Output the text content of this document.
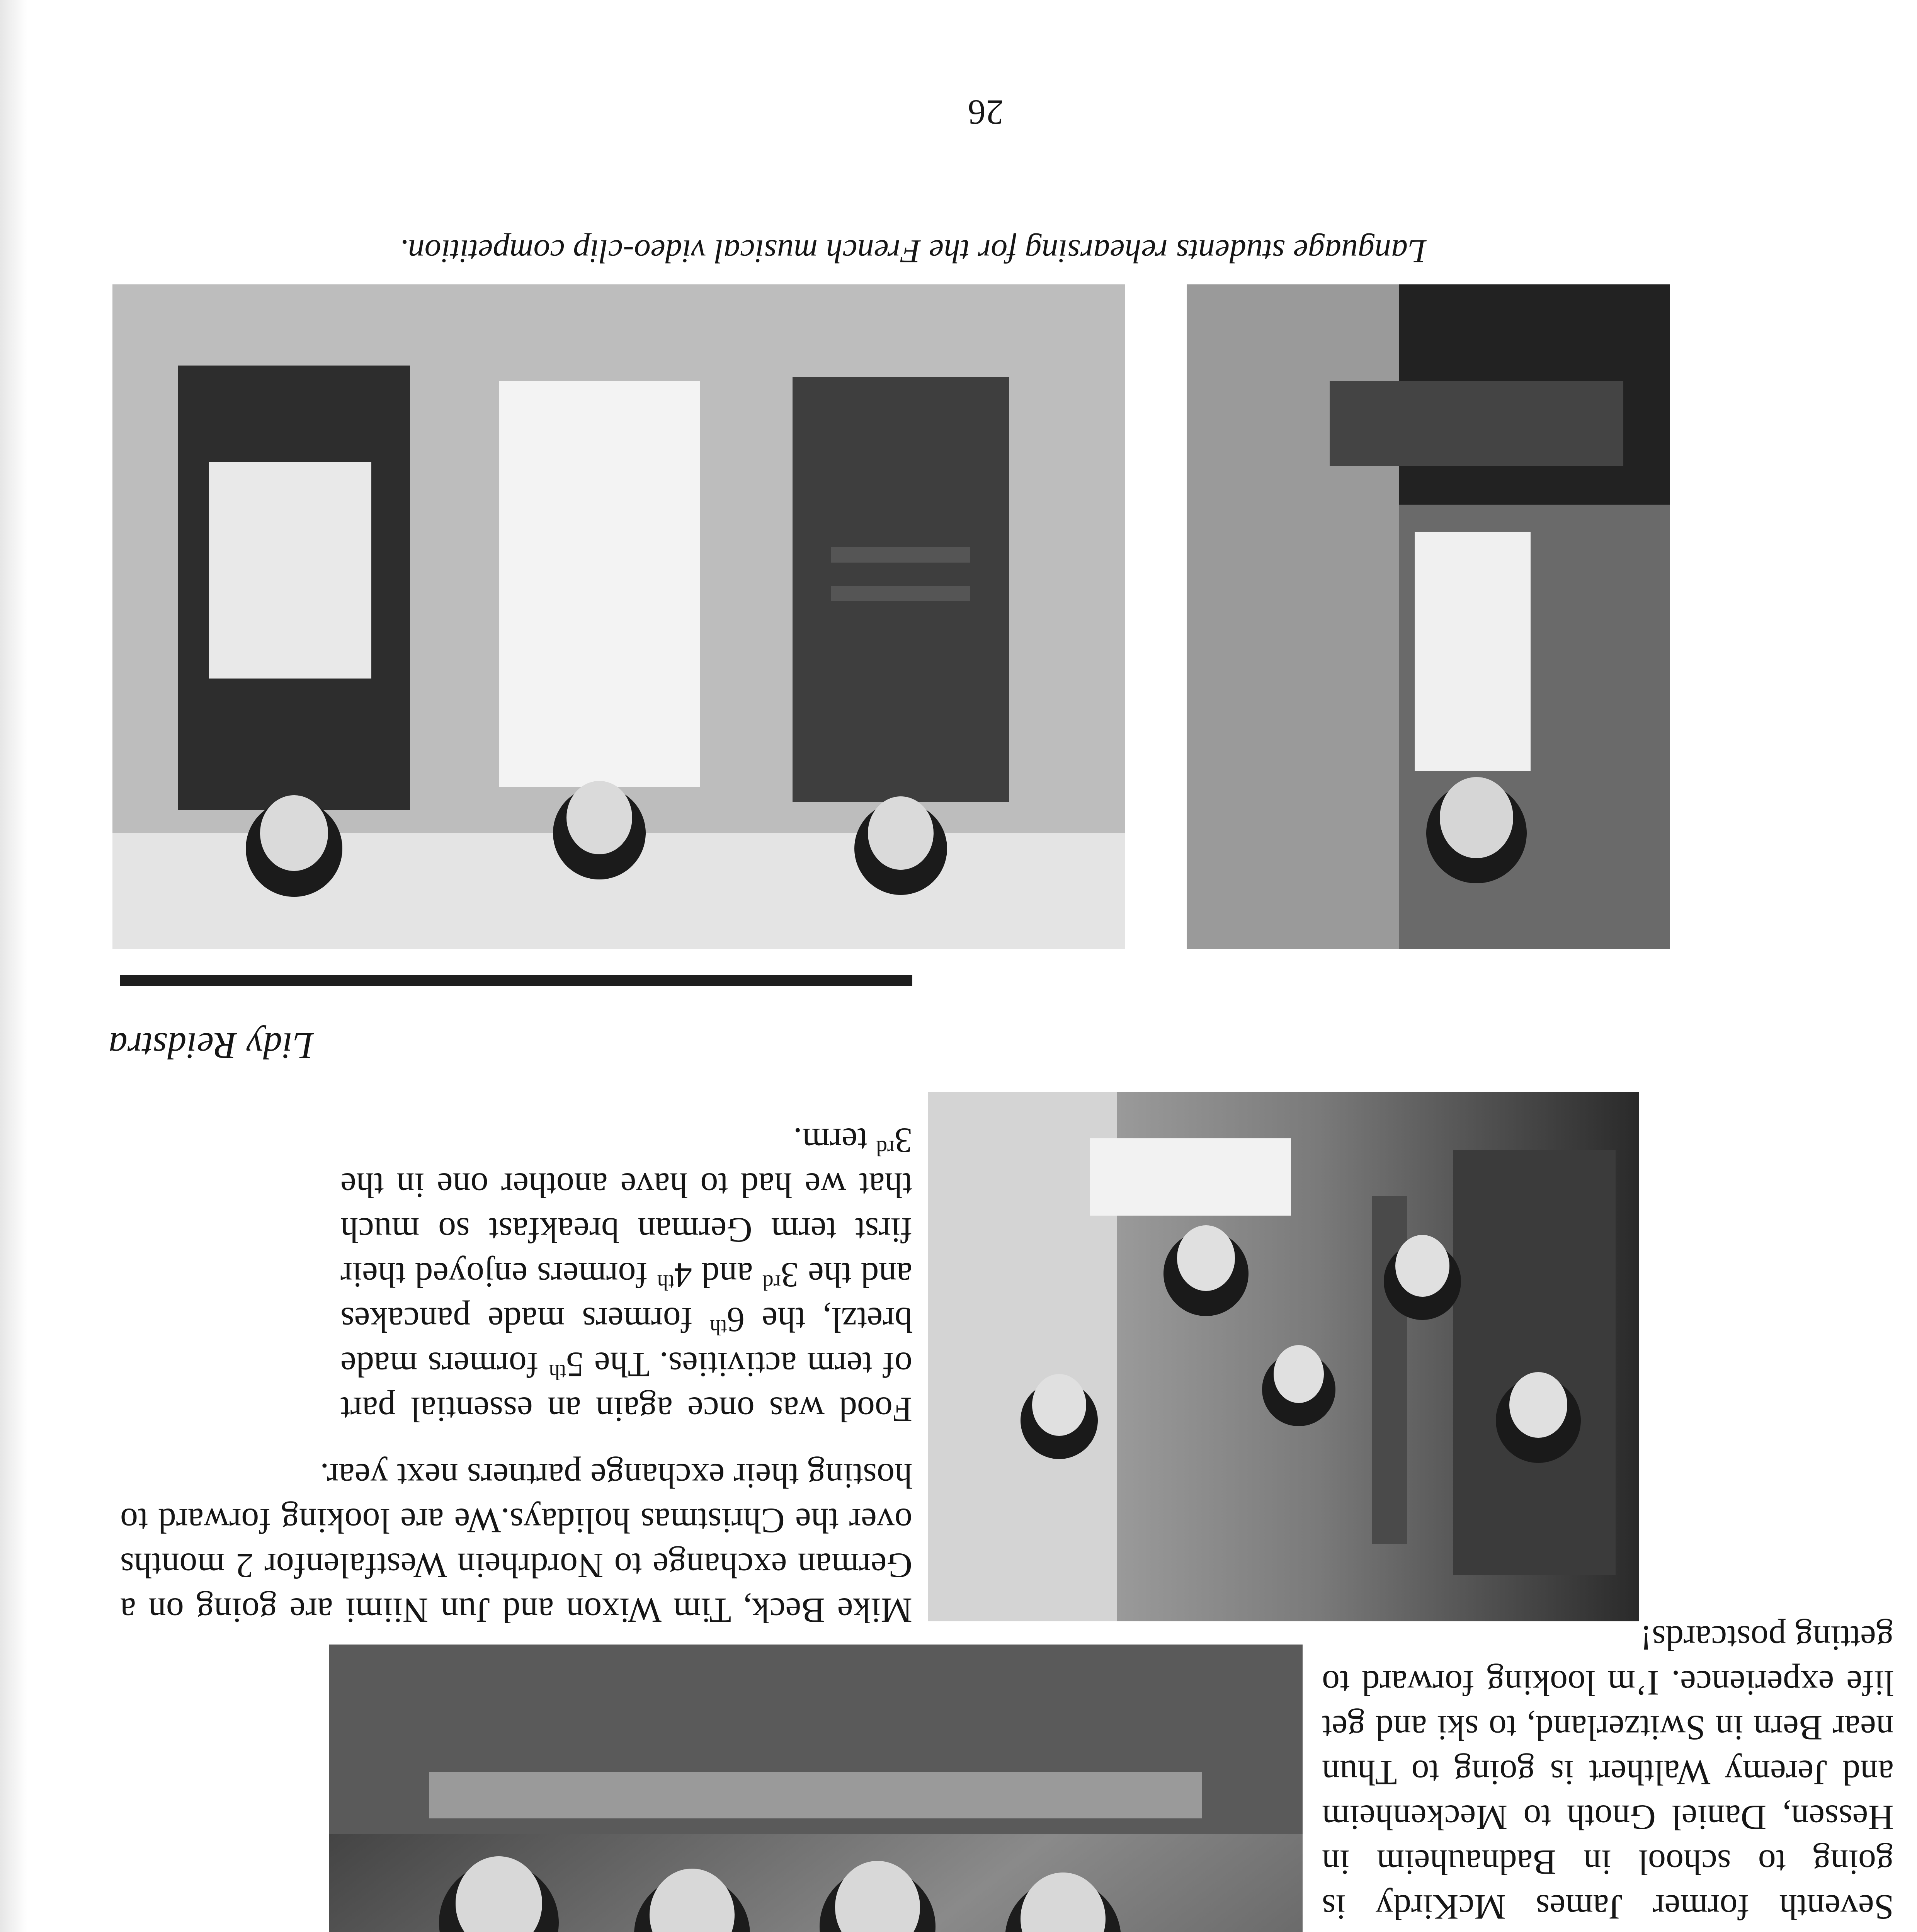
Seventh former James McKirdy is going to school in Badnauheim in Hessen, Daniel Gnoth to Meckenheim and Jeremy Walthert is going to Thun near Bern in Switzerland, to ski and get life experience. I’m looking forward to getting postcards!

Mike Beck, Tim Wixon and Jun Niimi are going on a German exchange to Nordrhein Westfalenfor 2 months over the Christmas holidays.We are looking forward to hosting their exchange partners next year.

Food was once again an essential part of term activities. The 5th formers made bretzl, the 6th formers made pancakes and the 3rd and 4th formers enjoyed their first term German breakfast so much that we had to have another one in the 3rd term.

Lidy Reidstra
Language students rehearsing for the French musical video-clip competition.
26
